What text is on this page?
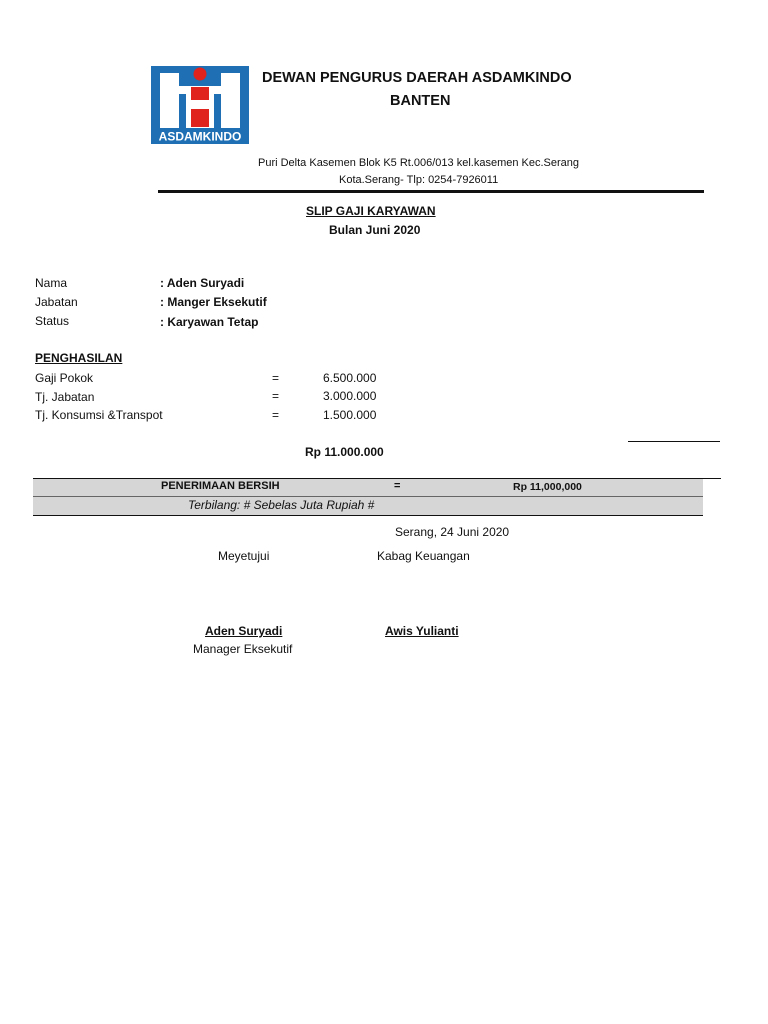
ASDAMKINDO
DEWAN PENGURUS DAERAH ASDAMKINDO
BANTEN
Puri Delta Kasemen Blok K5 Rt.006/013 kel.kasemen Kec.Serang
Kota.Serang- Tlp: 0254-7926011
SLIP GAJI KARYAWAN
Bulan Juni 2020
Nama	: Aden Suryadi
Jabatan	: Manger Eksekutif
Status	: Karyawan Tetap
PENGHASILAN
Gaji Pokok	=	6.500.000
Tj. Jabatan	=	3.000.000
Tj. Konsumsi &Transpot	=	1.500.000
Rp 11.000.000
PENERIMAAN BERSIH	=	Rp 11,000,000
Terbilang: # Sebelas Juta Rupiah #
Serang, 24 Juni 2020
Meyetujui	Kabag Keuangan
Aden Suryadi
Manager Eksekutif
Awis Yulianti
